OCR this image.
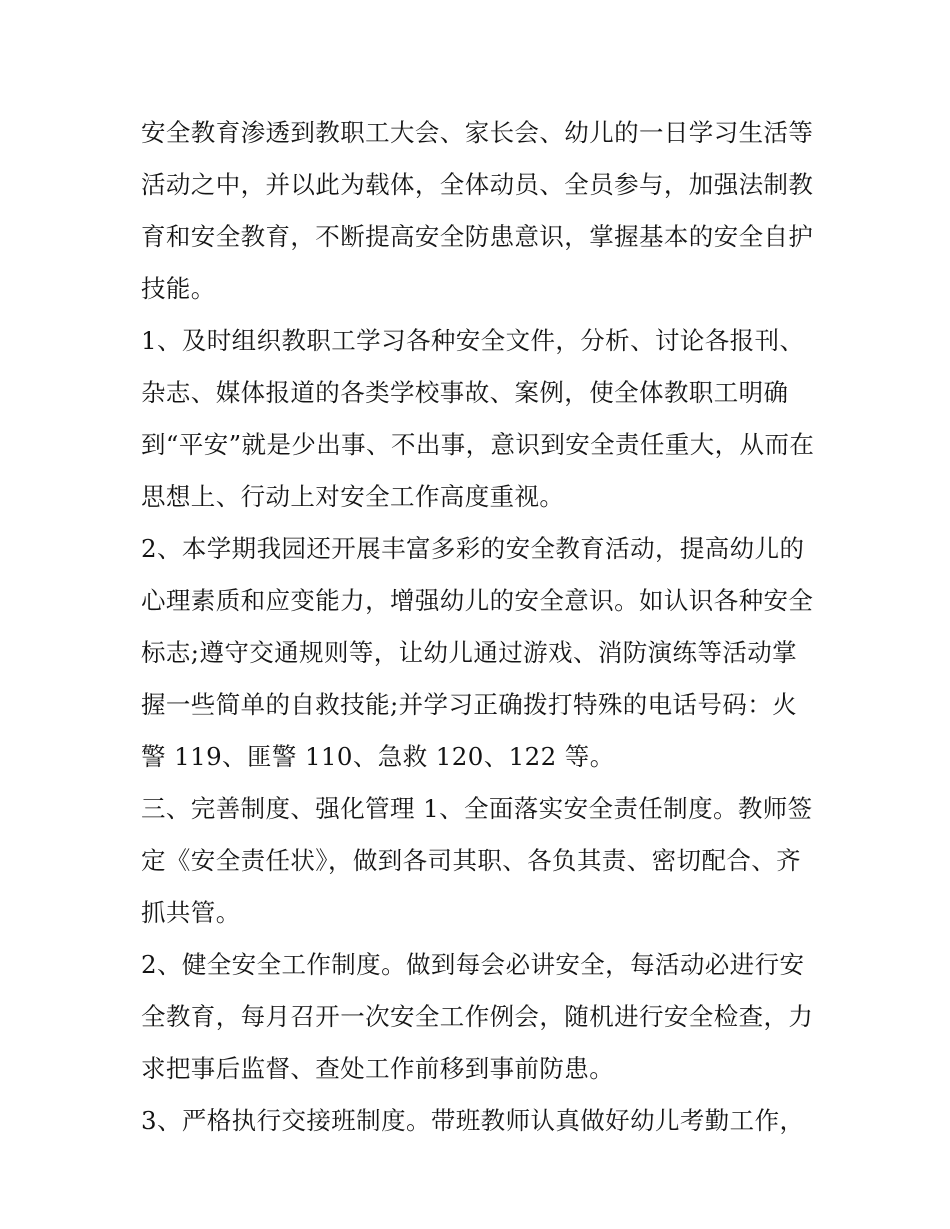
安全教育渗透到教职工大会、家长会、幼儿的一日学习生活等
活动之中，并以此为载体，全体动员、全员参与，加强法制教
育和安全教育，不断提高安全防患意识，掌握基本的安全自护
技能。
1、及时组织教职工学习各种安全文件，分析、讨论各报刊、
杂志、媒体报道的各类学校事故、案例，使全体教职工明确
到“平安”就是少出事、不出事，意识到安全责任重大，从而在
思想上、行动上对安全工作高度重视。
2、本学期我园还开展丰富多彩的安全教育活动，提高幼儿的
心理素质和应变能力，增强幼儿的安全意识。如认识各种安全
标志;遵守交通规则等，让幼儿通过游戏、消防演练等活动掌
握一些简单的自救技能;并学习正确拨打特殊的电话号码：火
警 119、匪警 110、急救 120、122 等。
三、完善制度、强化管理 1、全面落实安全责任制度。教师签
定《安全责任状》，做到各司其职、各负其责、密切配合、齐
抓共管。
2、健全安全工作制度。做到每会必讲安全，每活动必进行安
全教育，每月召开一次安全工作例会，随机进行安全检查，力
求把事后监督、查处工作前移到事前防患。
3、严格执行交接班制度。带班教师认真做好幼儿考勤工作，
